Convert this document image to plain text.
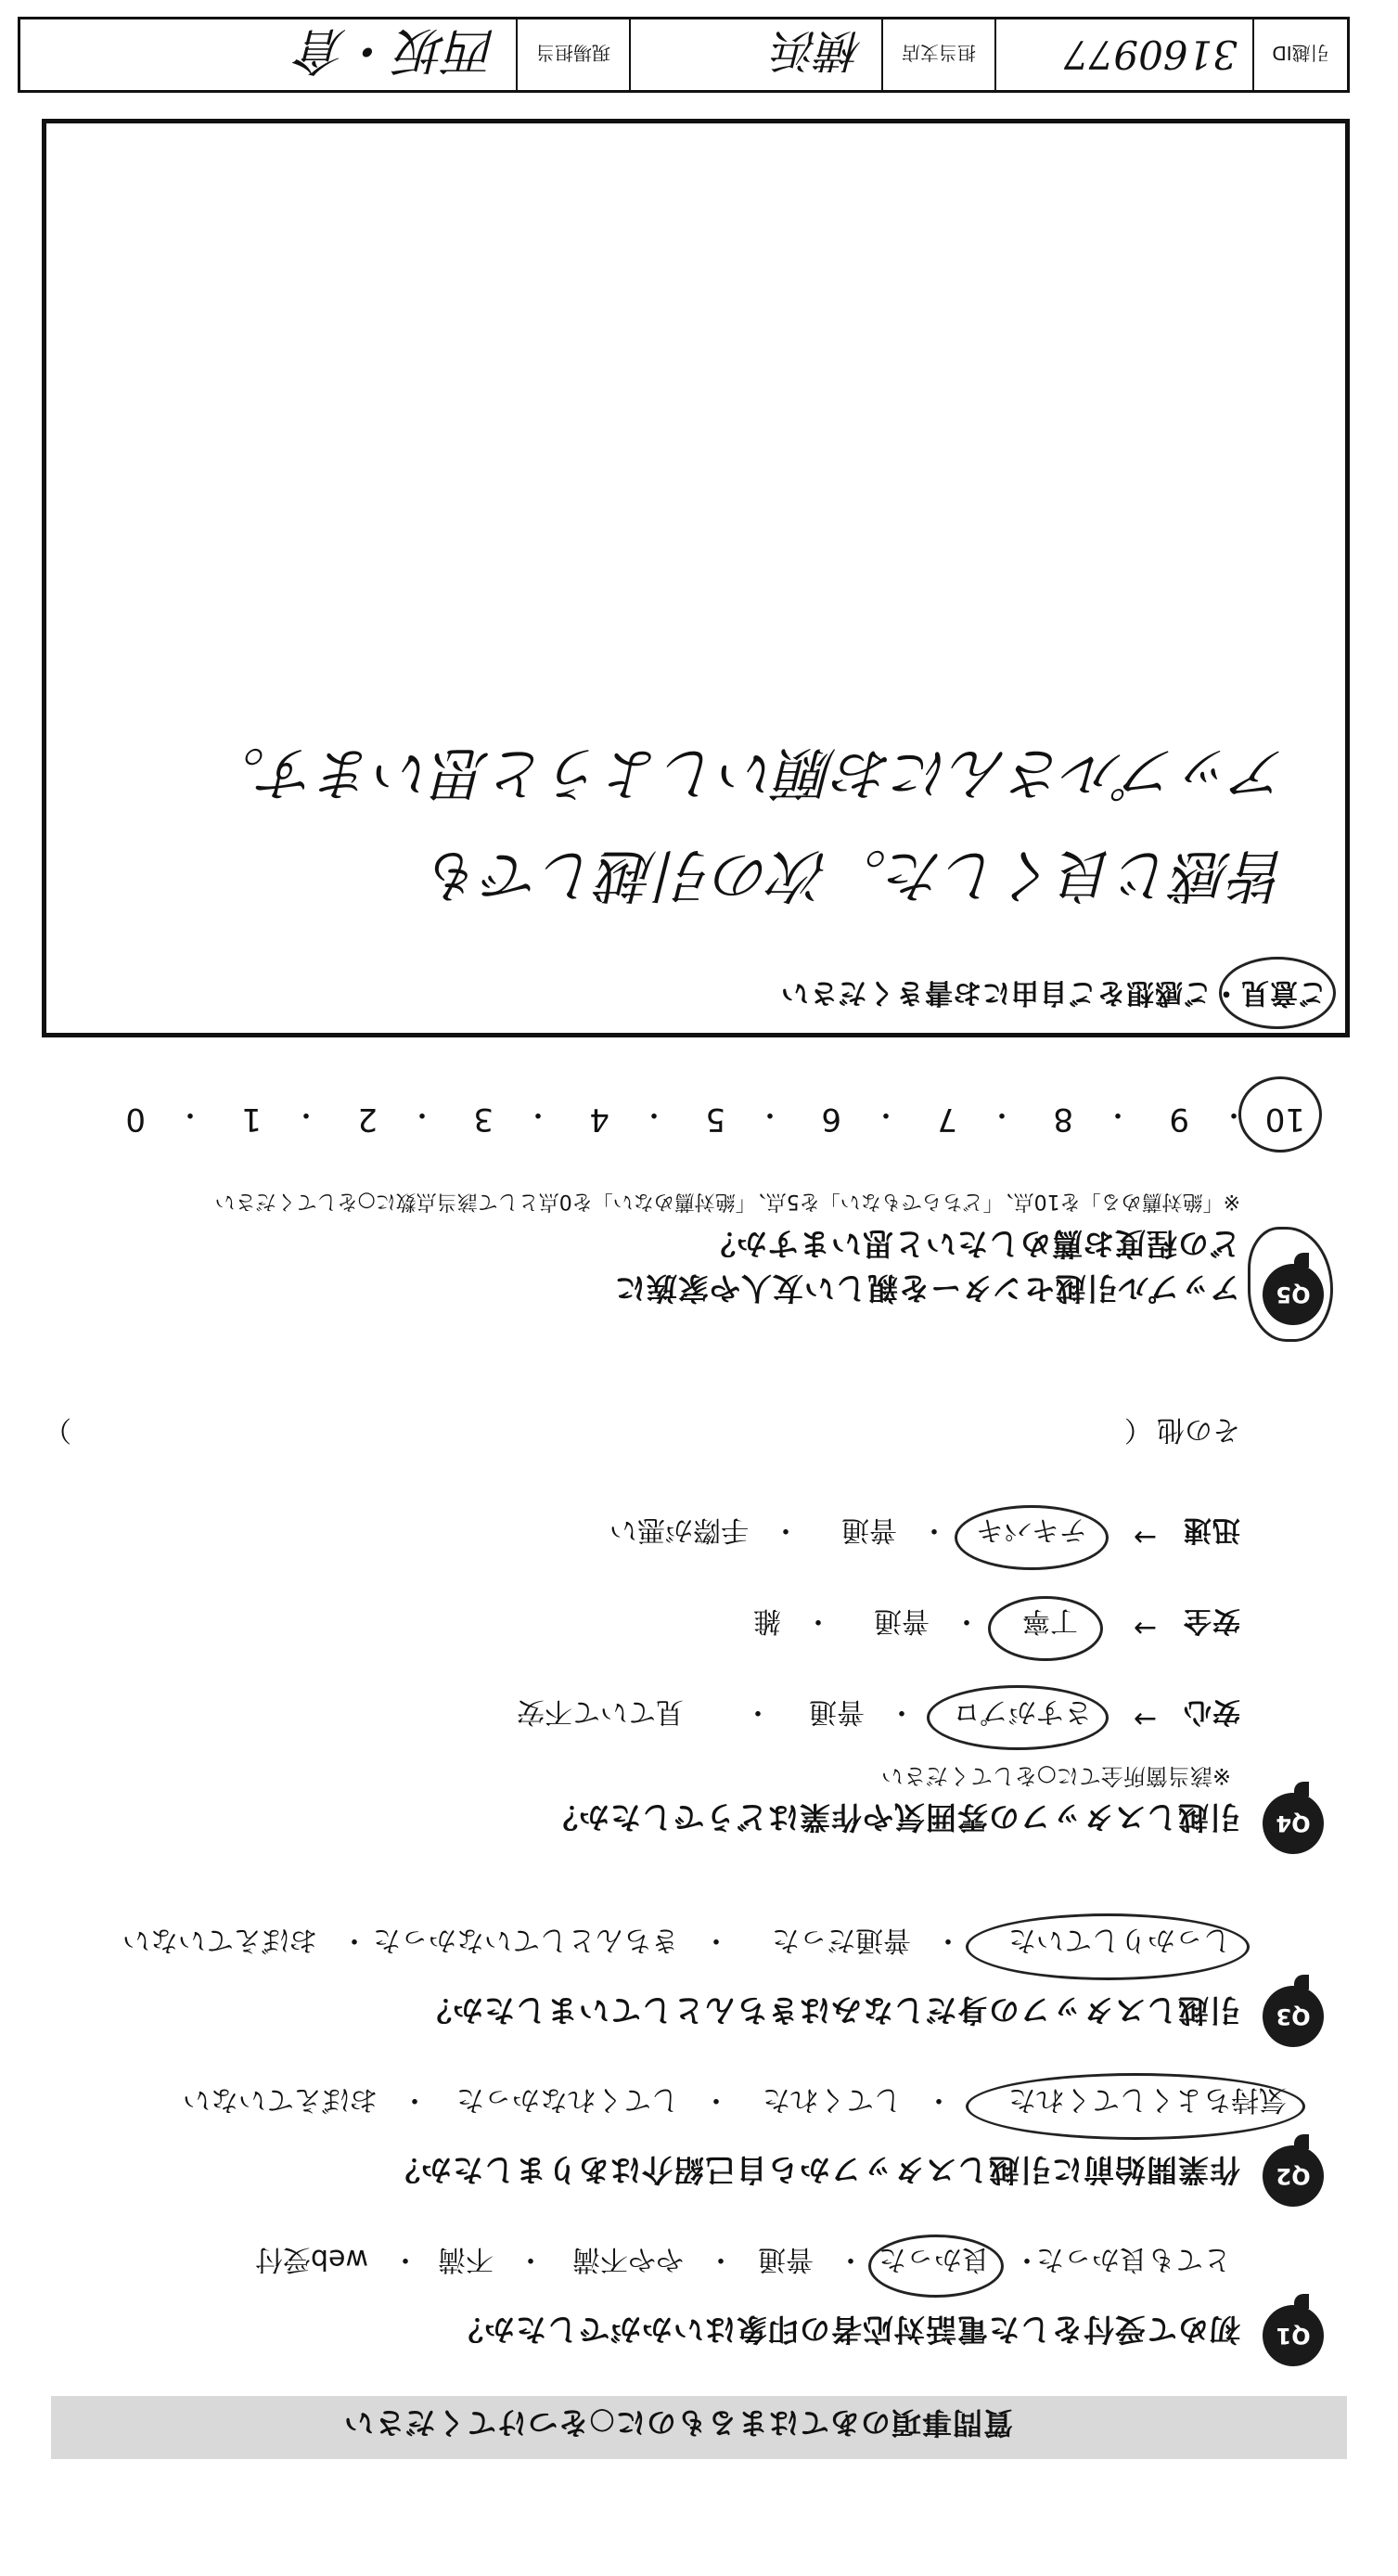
質問事項のあてはまるものに○をつけてください
Q1
初めて受付をした電話対応者の印象はいかがでしたか？
とても良かった
・
良かった
・
普通
・
やや不満
・
不満
・
web受付
Q2
作業開始前に引越しスタッフから自己紹介はありましたか？
気持ちよくしてくれた
・
してくれた
・
してくれなかった
・
おぼえていない
Q3
引越しスタッフの身だしなみはきちんとしていましたか？
しっかりしていた
・
普通だった
・
きちんとしていなかった
・
おぼえていない
Q4
引越しスタッフの雰囲気や作業はどうでしたか？
※該当箇所全てに○をしてください
安心
→
さすがプロ
・
普通
・
見ていて不安
安全
→
丁寧
・
普通
・
雑
迅速
→
テキパキ
・
普通
・
手際が悪い
その他
（
）
Q5
アップル引越センターを親しい友人や家族に
どの程度お薦めしたいと思いますか？
※「絶対薦める」を10点、「どちらでもない」を5点、「絶対薦めない」を0点として該当点数に○をしてください
10
・
9
・
8
・
7
・
6
・
5
・
4
・
3
・
2
・
1
・
0
ご意見・ご感想をご自由にお書きください
皆感じ良くした。次の引越しでも
アップルさんにお願いしようと思います。
引越ID
3160977
担当支店
横浜
現場担当
西坂・倉
